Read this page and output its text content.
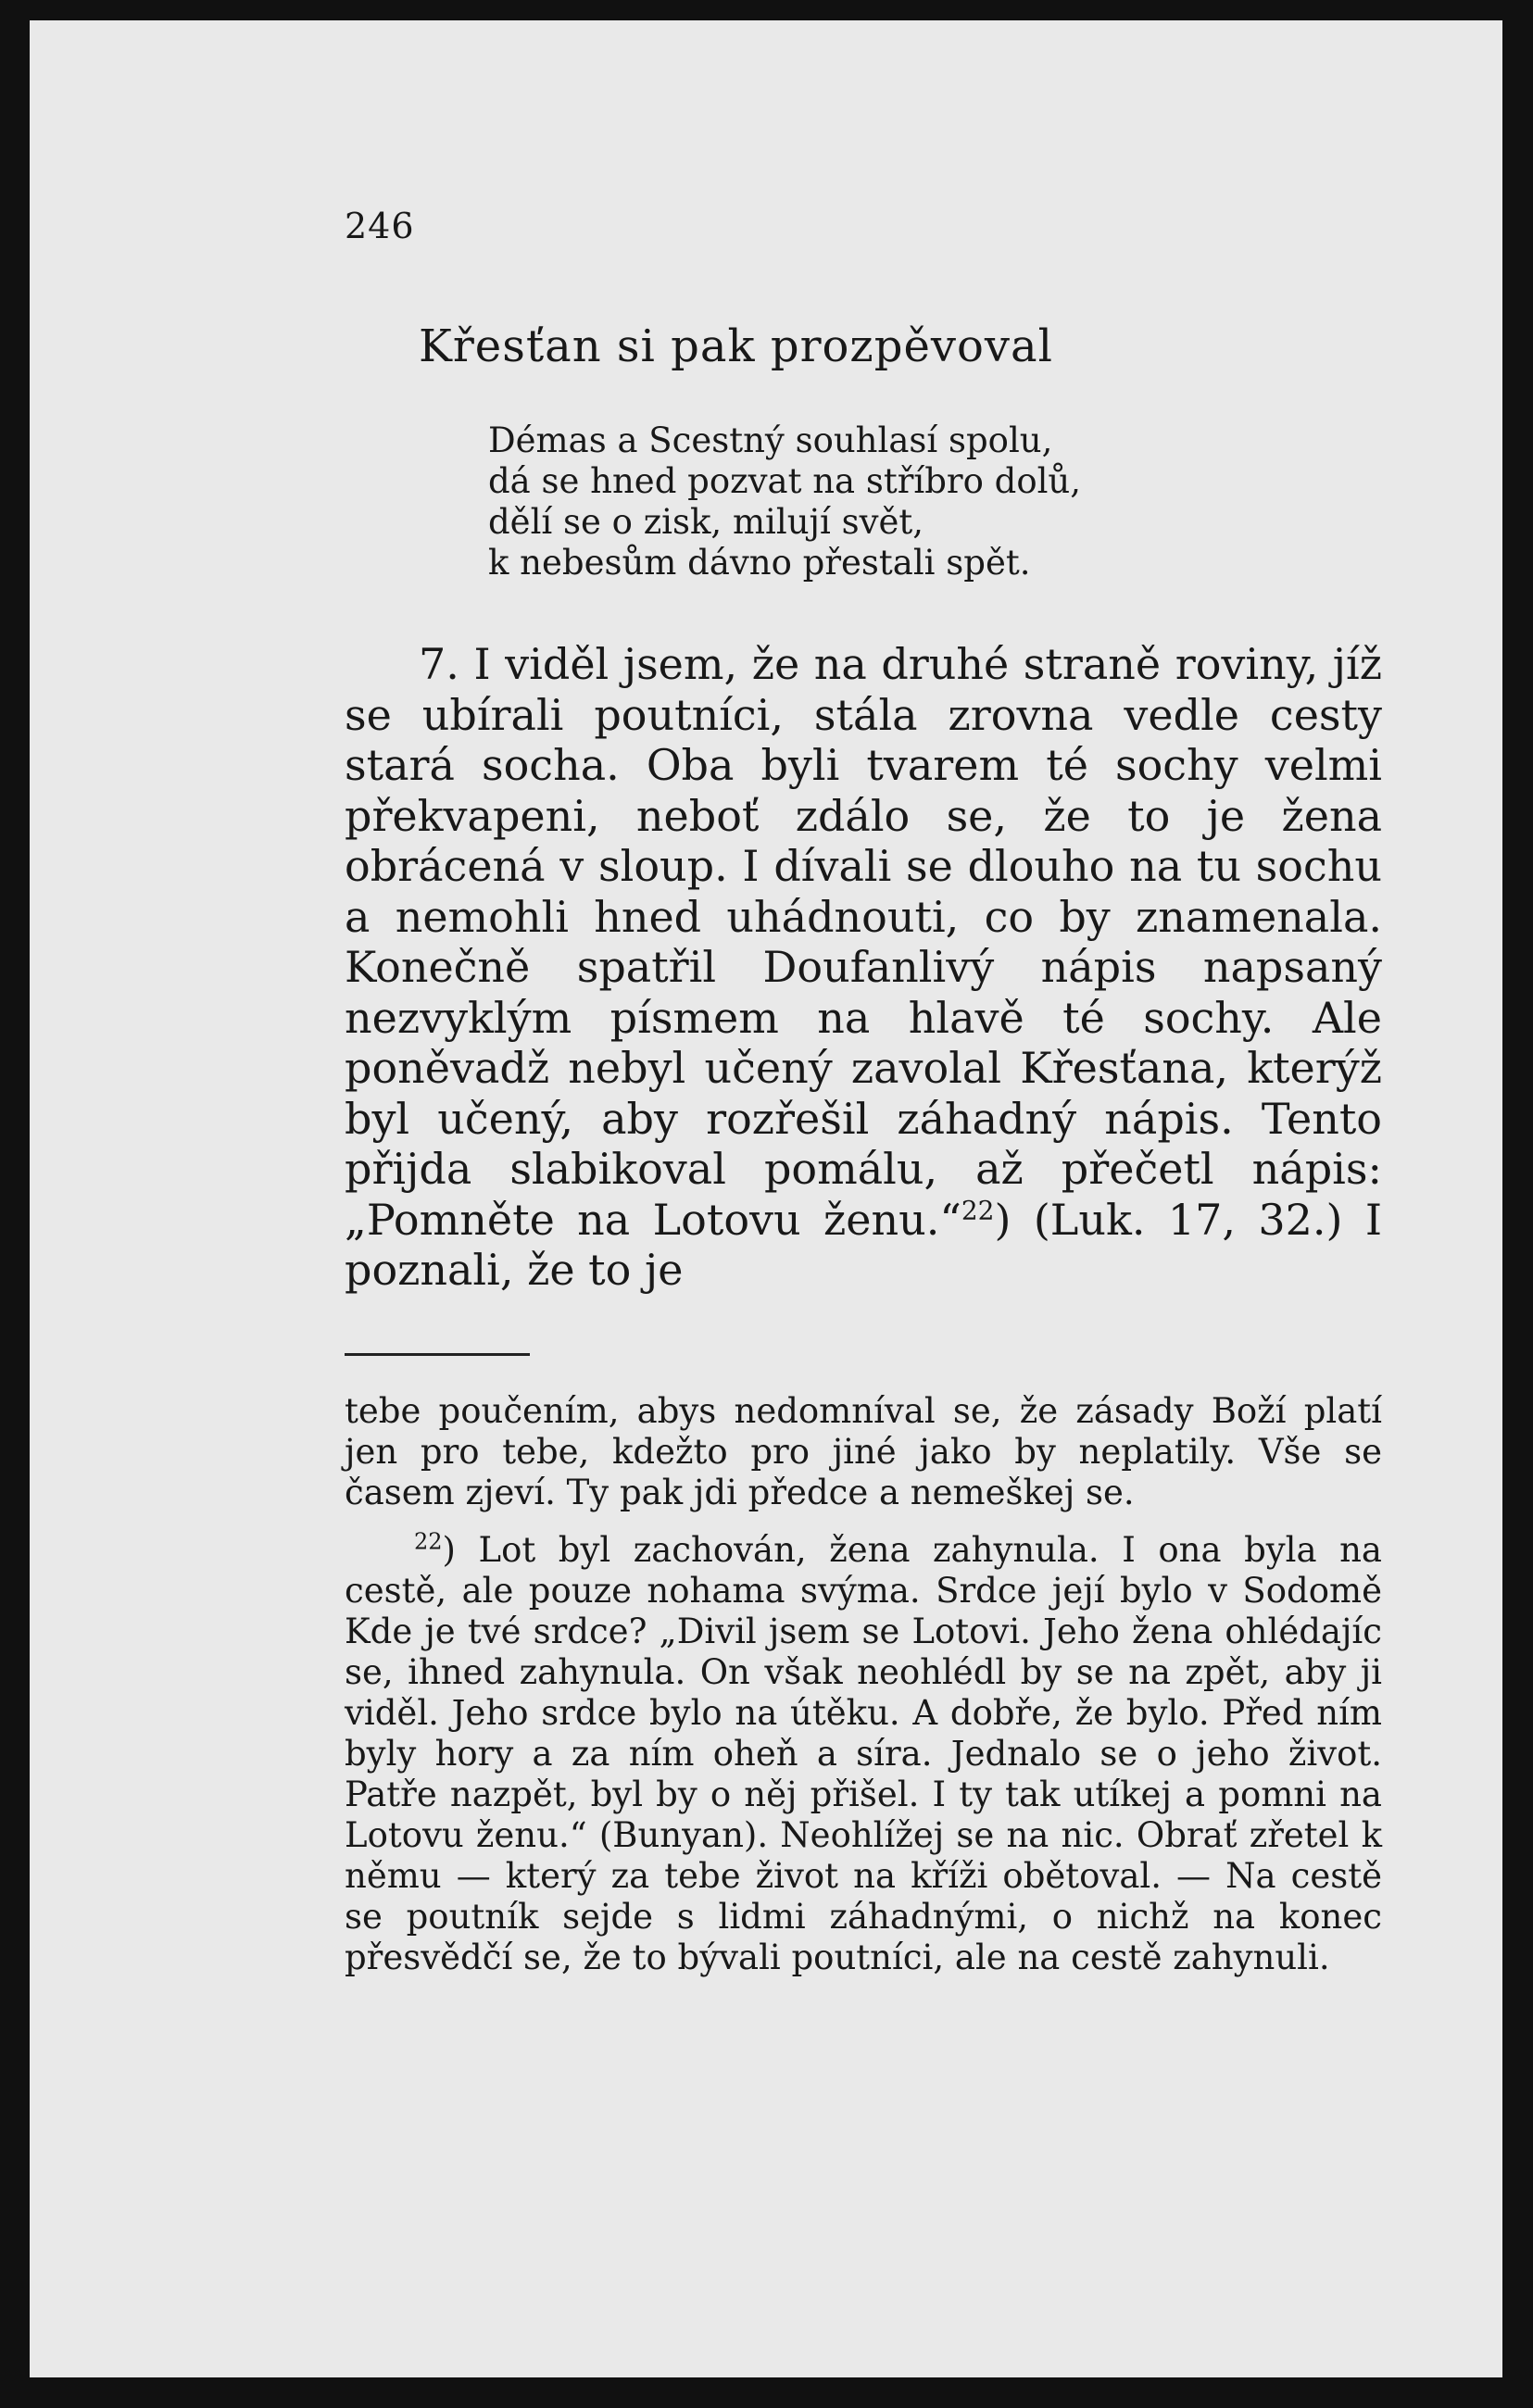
246
Křesťan si pak prozpěvoval
Démas a Scestný souhlasí spolu,
dá se hned pozvat na stříbro dolů,
dělí se o zisk, milují svět,
k nebesům dávno přestali spět.

7. I viděl jsem, že na druhé straně roviny, jíž se ubírali poutníci, stála zrovna vedle cesty stará socha. Oba byli tvarem té sochy velmi překvapeni, neboť zdálo se, že to je žena obrácená v sloup. I dívali se dlouho na tu sochu a nemohli hned uhádnouti, co by znamenala. Konečně spatřil Doufanlivý nápis napsaný nezvyklým písmem na hlavě té sochy. Ale poněvadž nebyl učený zavolal Křesťana, kterýž byl učený, aby rozřešil záhadný nápis. Tento přijda slabikoval pomálu, až přečetl nápis: „Pomněte na Lotovu ženu.“$^{22}$) (Luk. 17, 32.) I poznali, že to je

tebe poučením, abys nedomníval se, že zásady Boží platí jen pro tebe, kdežto pro jiné jako by neplatily. Vše se časem zjeví. Ty pak jdi předce a nemeškej se.

$^{22}$) Lot byl zachován, žena zahynula. I ona byla na cestě, ale pouze nohama svýma. Srdce její bylo v Sodomě Kde je tvé srdce? „Divil jsem se Lotovi. Jeho žena ohlédajíc se, ihned zahynula. On však neohlédl by se na zpět, aby ji viděl. Jeho srdce bylo na útěku. A dobře, že bylo. Před ním byly hory a za ním oheň a síra. Jednalo se o jeho život. Patře nazpět, byl by o něj přišel. I ty tak utíkej a pomni na Lotovu ženu.“ (Bunyan). Neohlížej se na nic. Obrať zřetel k němu — který za tebe život na kříži obětoval. — Na cestě se poutník sejde s lidmi záhadnými, o nichž na konec přesvědčí se, že to bývali poutníci, ale na cestě zahynuli.
